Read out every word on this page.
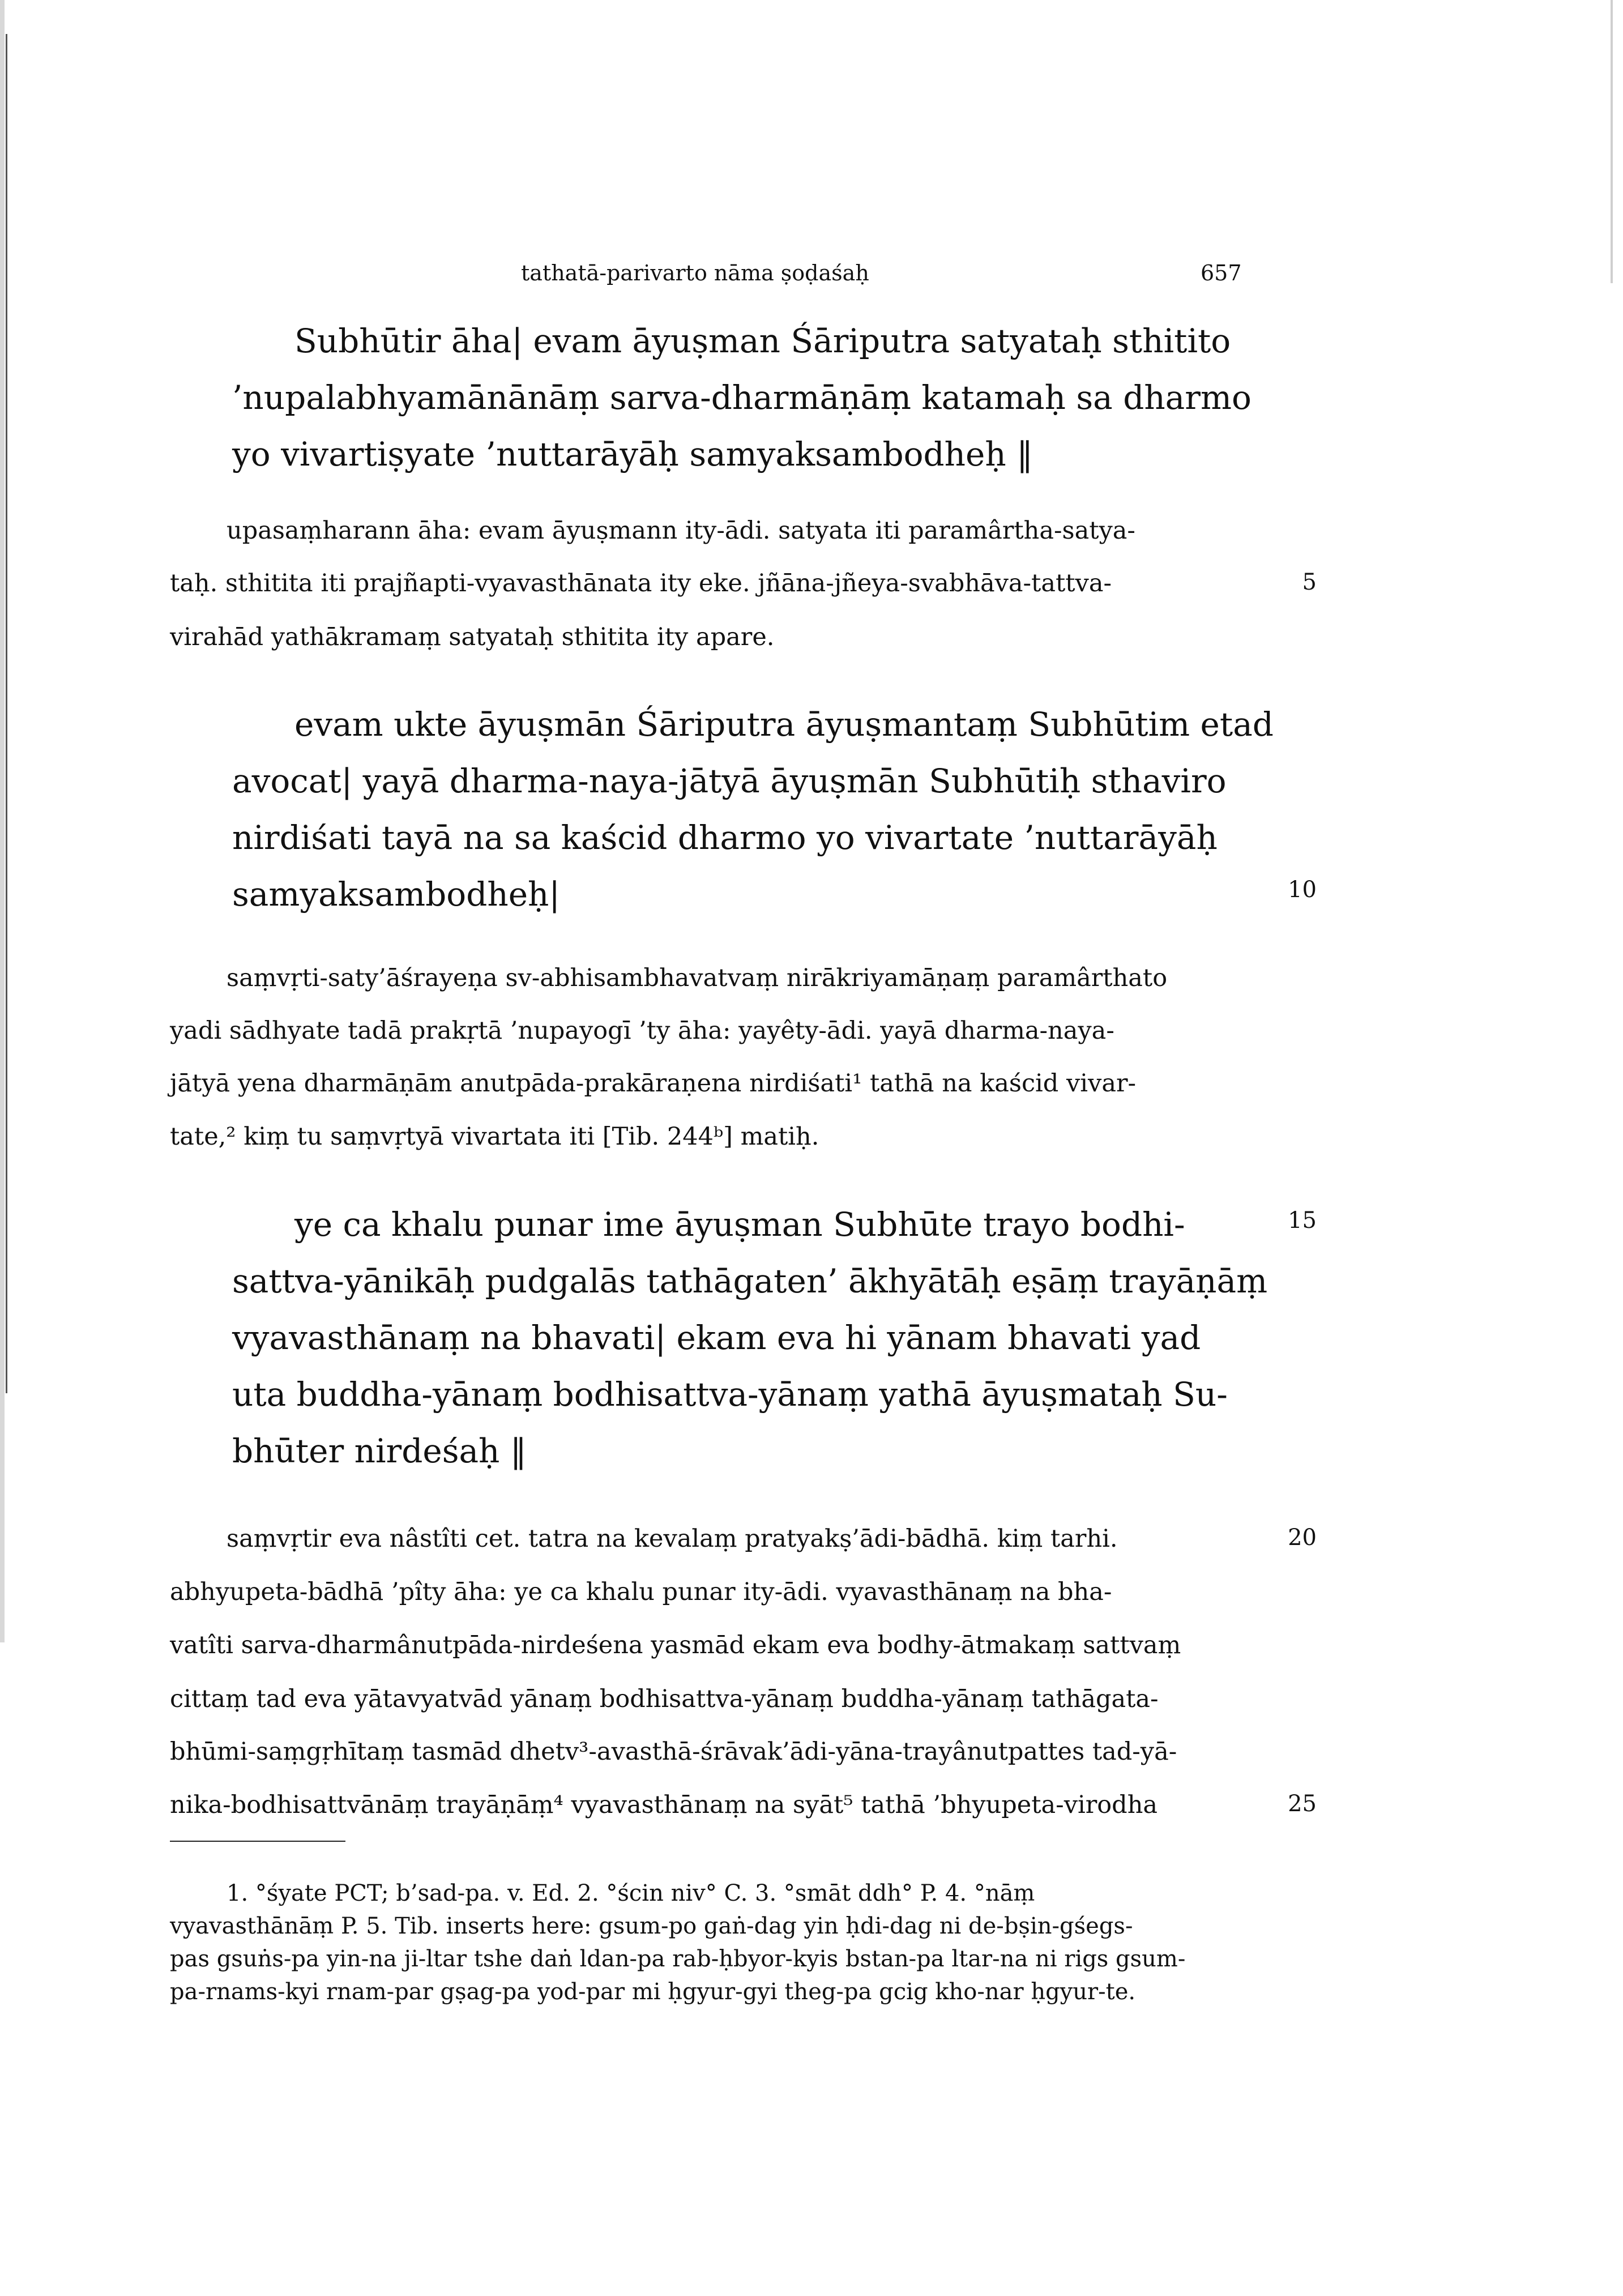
tathatā-parivarto nāma ṣoḍaśaḥ	657
Subhūtir āha| evam āyuṣman Śāriputra satyataḥ sthitito
’nupalabhyamānānāṃ sarva-dharmāṇāṃ katamaḥ sa dharmo
yo vivartiṣyate ’nuttarāyāḥ samyaksambodheḥ ‖
upasaṃharann āha: evam āyuṣmann ity-ādi. satyata iti paramârtha-satya-
taḥ. sthitita iti prajñapti-vyavasthānata ity eke. jñāna-jñeya-svabhāva-tattva-
virahād yathākramaṃ satyataḥ sthitita ity apare.
evam ukte āyuṣmān Śāriputra āyuṣmantaṃ Subhūtim etad
avocat| yayā dharma-naya-jātyā āyuṣmān Subhūtiḥ sthaviro
nirdiśati tayā na sa kaścid dharmo yo vivartate ’nuttarāyāḥ
samyaksambodheḥ|
saṃvṛti-saty’āśrayeṇa sv-abhisambhavatvaṃ nirākriyamāṇaṃ paramârthato
yadi sādhyate tadā prakṛtā ’nupayogī ’ty āha: yayêty-ādi. yayā dharma-naya-
jātyā yena dharmāṇām anutpāda-prakāraṇena nirdiśati¹ tathā na kaścid vivar-
tate,² kiṃ tu saṃvṛtyā vivartata iti [Tib. 244ᵇ] matiḥ.
ye ca khalu punar ime āyuṣman Subhūte trayo bodhi-
sattva-yānikāḥ pudgalās tathāgaten’ ākhyātāḥ eṣāṃ trayāṇāṃ
vyavasthānaṃ na bhavati| ekam eva hi yānam bhavati yad
uta buddha-yānaṃ bodhisattva-yānaṃ yathā āyuṣmataḥ Su-
bhūter nirdeśaḥ ‖
saṃvṛtir eva nâstîti cet. tatra na kevalaṃ pratyakṣ’ādi-bādhā. kiṃ tarhi.
abhyupeta-bādhā ’pîty āha: ye ca khalu punar ity-ādi. vyavasthānaṃ na bha-
vatîti sarva-dharmânutpāda-nirdeśena yasmād ekam eva bodhy-ātmakaṃ sattvaṃ
cittaṃ tad eva yātavyatvād yānaṃ bodhisattva-yānaṃ buddha-yānaṃ tathāgata-
bhūmi-saṃgṛhītaṃ tasmād dhetv³-avasthā-śrāvak’ādi-yāna-trayânutpattes tad-yā-
nika-bodhisattvānāṃ trayāṇāṃ⁴ vyavasthānaṃ na syāt⁵ tathā ’bhyupeta-virodha
5
10
15
20
25
1. °śyate PCT; b’sad-pa. v. Ed. 2. °ścin niv° C. 3. °smāt ddh° P. 4. °nāṃ
vyavasthānāṃ P. 5. Tib. inserts here: gsum-po gaṅ-dag yin ḥdi-dag ni de-bṣin-gśegs-
pas gsuṅs-pa yin-na ji-ltar tshe daṅ ldan-pa rab-ḥbyor-kyis bstan-pa ltar-na ni rigs gsum-
pa-rnams-kyi rnam-par gṣag-pa yod-par mi ḥgyur-gyi theg-pa gcig kho-nar ḥgyur-te.
